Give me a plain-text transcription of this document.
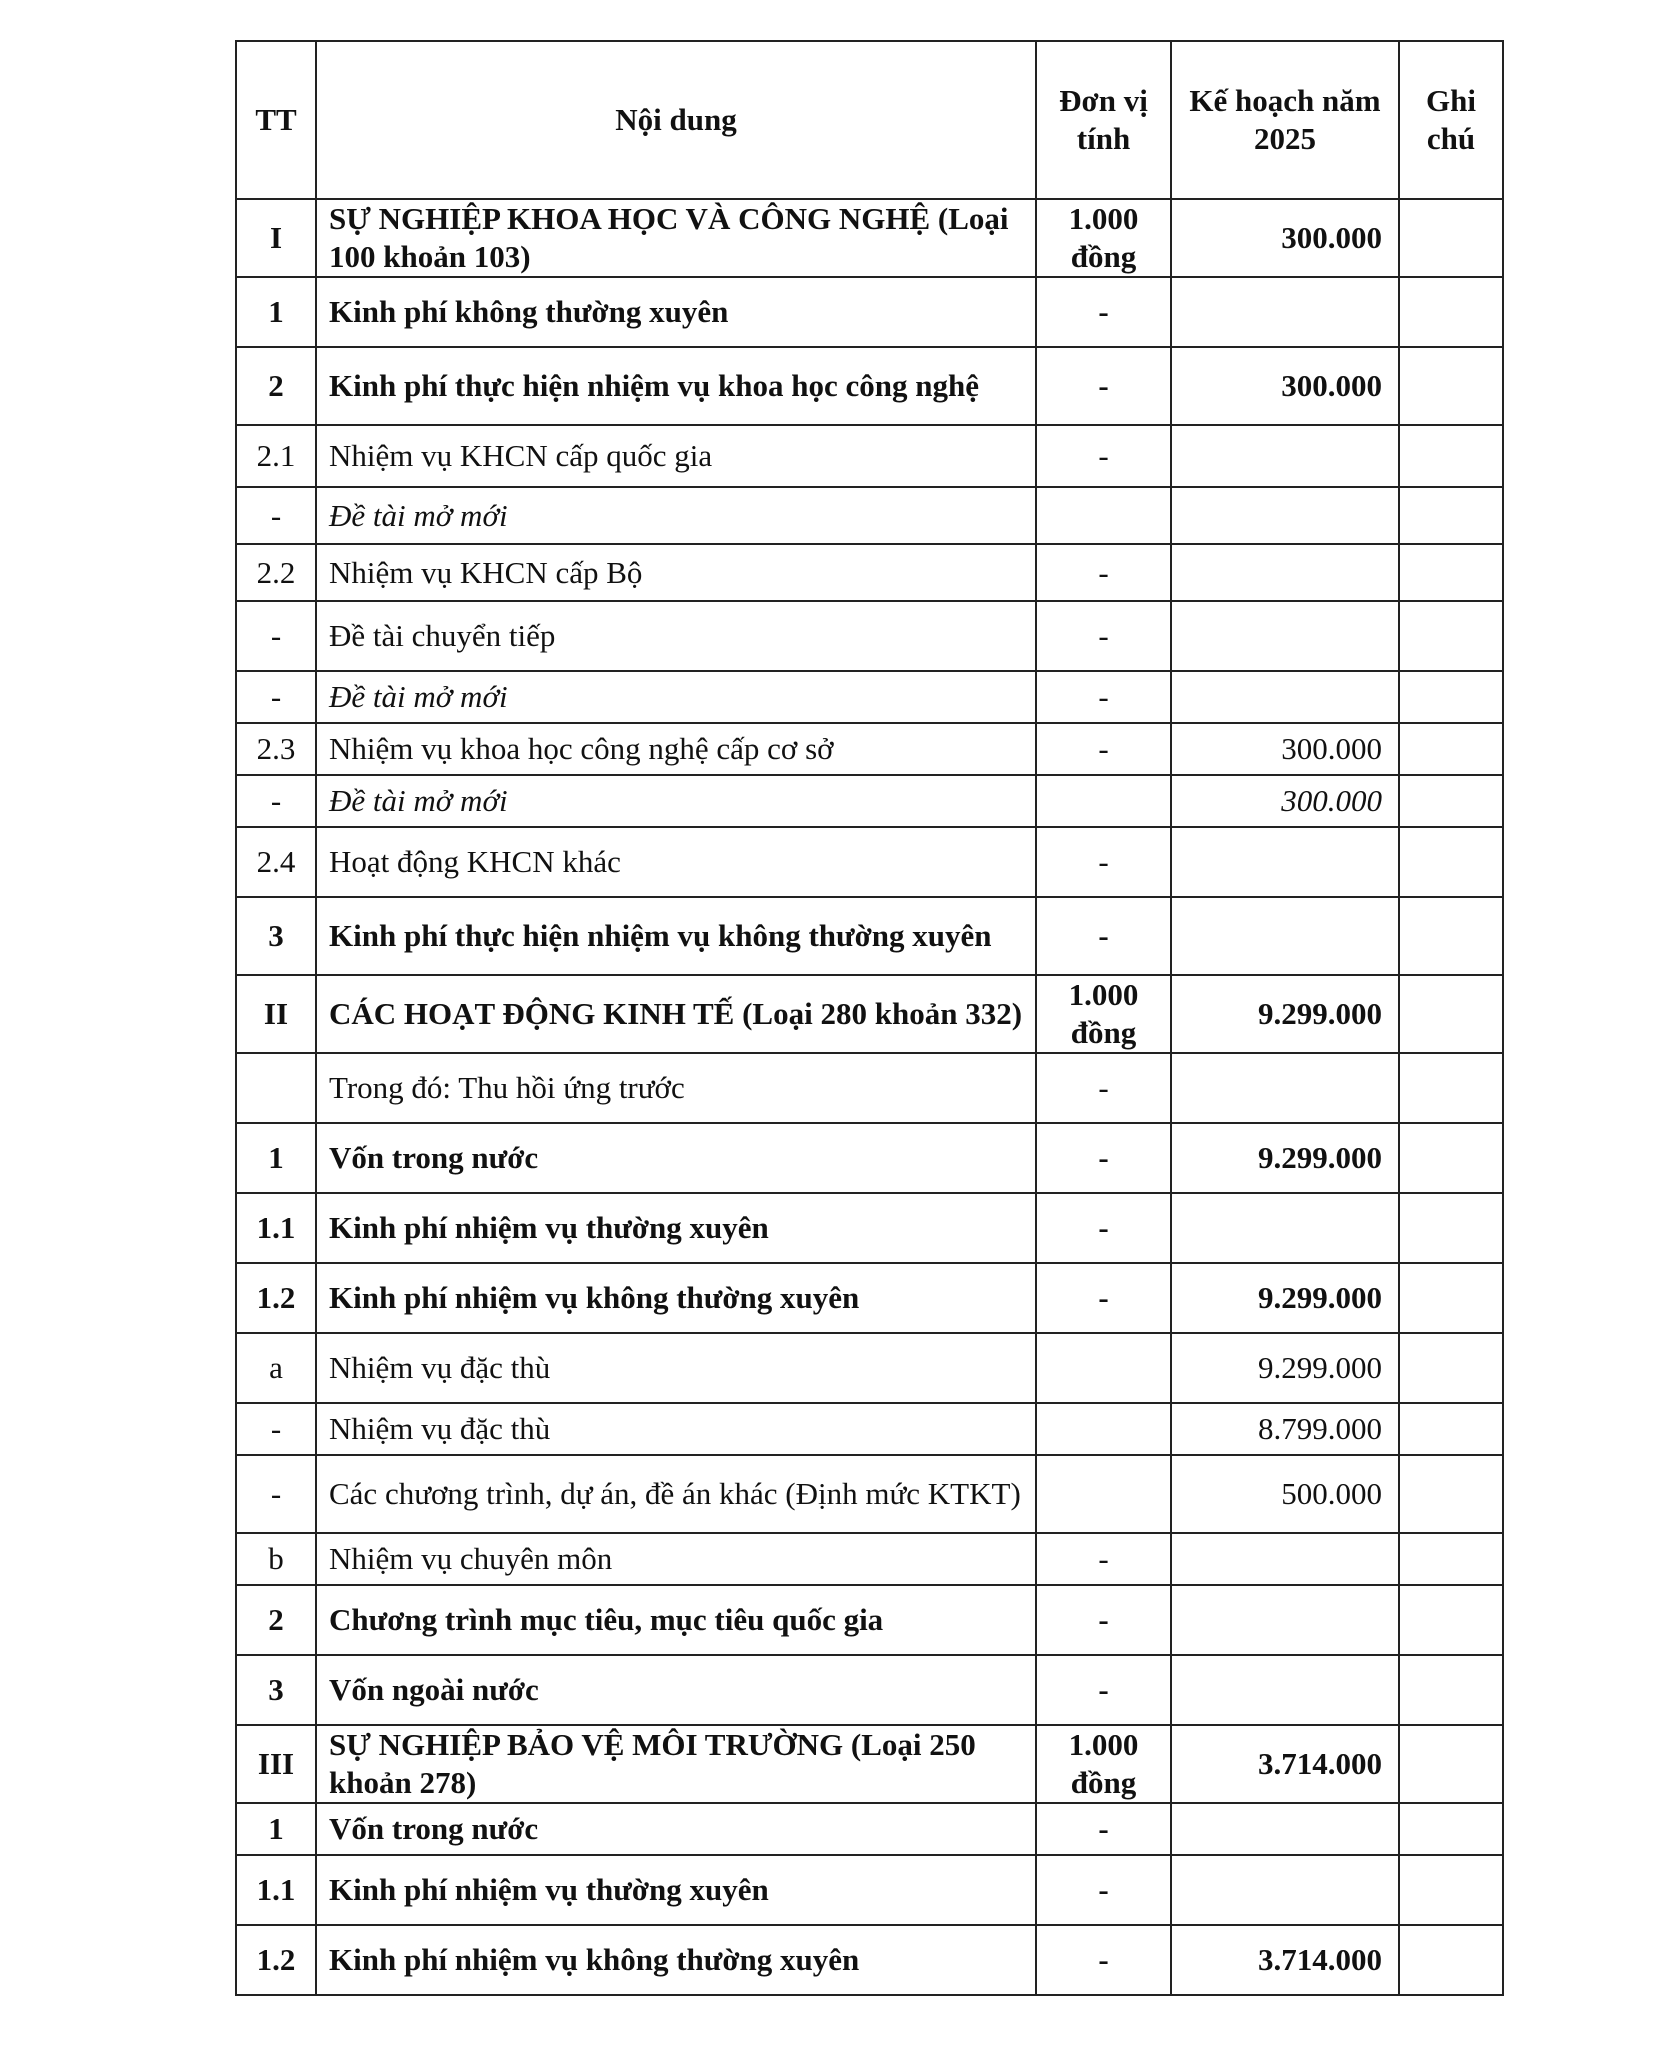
TT	Nội dung	Đơn vị tính	Kế hoạch năm 2025	Ghi chú
I	SỰ NGHIỆP KHOA HỌC VÀ CÔNG NGHỆ (Loại 100 khoản 103)	1.000 đồng	300.000	
1	Kinh phí không thường xuyên	-		
2	Kinh phí thực hiện nhiệm vụ khoa học công nghệ	-	300.000	
2.1	Nhiệm vụ KHCN cấp quốc gia	-		
-	Đề tài mở mới			
2.2	Nhiệm vụ KHCN cấp Bộ	-		
-	Đề tài chuyển tiếp	-		
-	Đề tài mở mới	-		
2.3	Nhiệm vụ khoa học công nghệ cấp cơ sở	-	300.000	
-	Đề tài mở mới		300.000	
2.4	Hoạt động KHCN khác	-		
3	Kinh phí thực hiện nhiệm vụ không thường xuyên	-		
II	CÁC HOẠT ĐỘNG KINH TẾ (Loại 280 khoản 332)	1.000 đồng	9.299.000	
	Trong đó: Thu hồi ứng trước	-		
1	Vốn trong nước	-	9.299.000	
1.1	Kinh phí nhiệm vụ thường xuyên	-		
1.2	Kinh phí nhiệm vụ không thường xuyên	-	9.299.000	
a	Nhiệm vụ đặc thù		9.299.000	
-	Nhiệm vụ đặc thù		8.799.000	
-	Các chương trình, dự án, đề án khác (Định mức KTKT)		500.000	
b	Nhiệm vụ chuyên môn	-		
2	Chương trình mục tiêu, mục tiêu quốc gia	-		
3	Vốn ngoài nước	-		
III	SỰ NGHIỆP BẢO VỆ MÔI TRƯỜNG (Loại 250 khoản 278)	1.000 đồng	3.714.000	
1	Vốn trong nước	-		
1.1	Kinh phí nhiệm vụ thường xuyên	-		
1.2	Kinh phí nhiệm vụ không thường xuyên	-	3.714.000	
